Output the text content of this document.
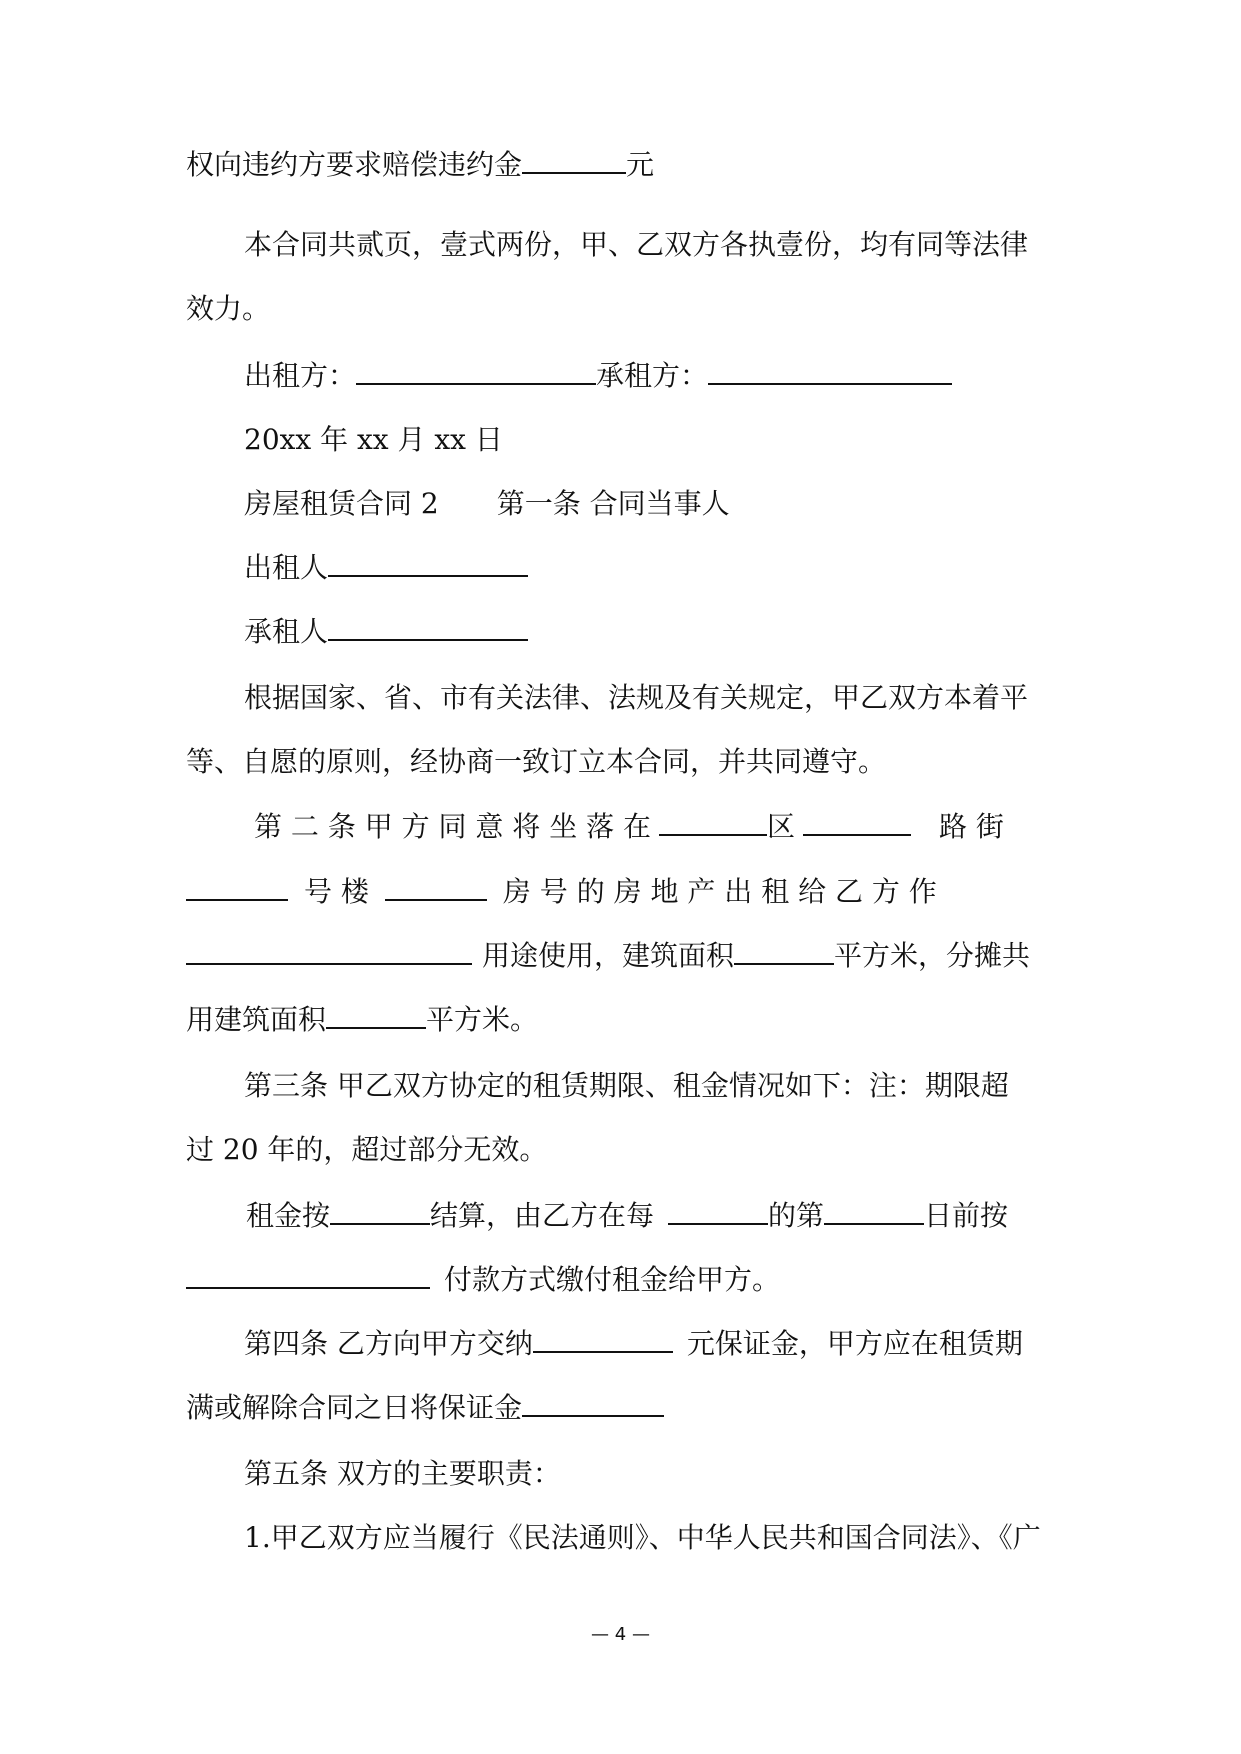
权向违约方要求赔偿违约金	元
本合同共贰页，壹式两份，甲、乙双方各执壹份，均有同等法律
效力。
出租方：	承租方：
20xx 年 xx 月 xx 日
房屋租赁合同 2 第一条 合同当事人
出租人
承租人
根据国家、省、市有关法律、法规及有关规定，甲乙双方本着平
等、自愿的原则，经协商一致订立本合同，并共同遵守。
第 二 条 甲 方 同 意 将 坐 落 在	区	路 街
号 楼	房 号 的 房 地 产 出 租 给 乙 方 作
用途使用，建筑面积	平方米，分摊共
用建筑面积	平方米。
第三条 甲乙双方协定的租赁期限、租金情况如下：注：期限超
过 20 年的，超过部分无效。
租金按	结算，由乙方在每	的第	日前按
付款方式缴付租金给甲方。
第四条 乙方向甲方交纳	元保证金，甲方应在租赁期
满或解除合同之日将保证金
第五条 双方的主要职责：
1.甲乙双方应当履行《民法通则》、中华人民共和国合同法》、《广
— 4 —
